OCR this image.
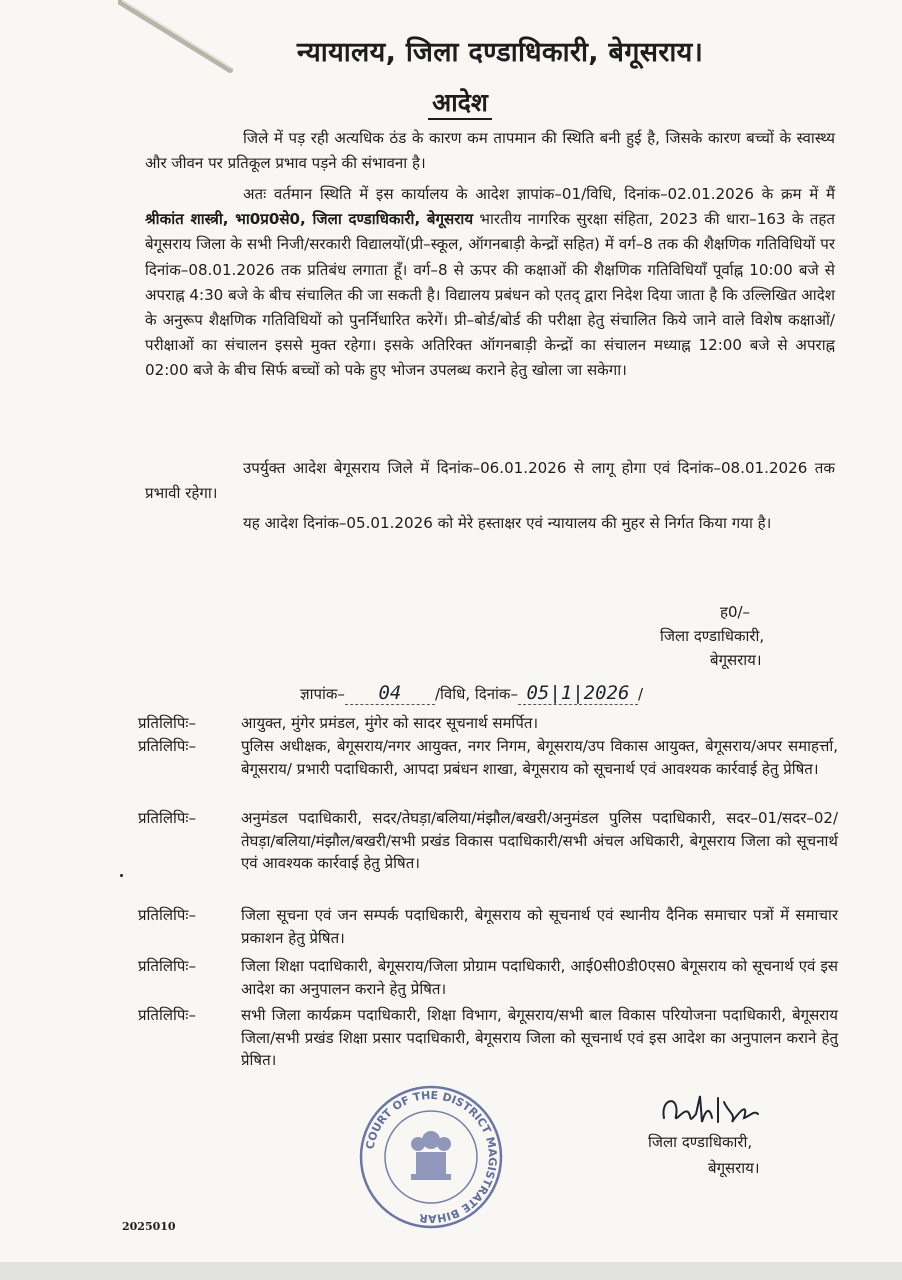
न्यायालय, जिला दण्डाधिकारी, बेगूसराय।
आदेश

जिले में पड़ रही अत्यधिक ठंड के कारण कम तापमान की स्थिति बनी हुई है, जिसके कारण बच्चों के स्वास्थ्य और जीवन पर प्रतिकूल प्रभाव पड़ने की संभावना है।

अतः वर्तमान स्थिति में इस कार्यालय के आदेश ज्ञापांक–01/विधि, दिनांक–02.01.2026 के क्रम में मैं श्रीकांत शास्त्री, भा0प्र0से0, जिला दण्डाधिकारी, बेगूसराय भारतीय नागरिक सुरक्षा संहिता, 2023 की धारा–163 के तहत बेगूसराय जिला के सभी निजी/सरकारी विद्यालयों(प्री–स्कूल, ऑगनबाड़ी केन्द्रों सहित) में वर्ग–8 तक की शैक्षणिक गतिविधियों पर दिनांक–08.01.2026 तक प्रतिबंध लगाता हूँ। वर्ग–8 से ऊपर की कक्षाओं की शैक्षणिक गतिविधियाँ पूर्वाह्न 10:00 बजे से अपराह्न 4:30 बजे के बीच संचालित की जा सकती है। विद्यालय प्रबंधन को एतद् द्वारा निदेश दिया जाता है कि उल्लिखित आदेश के अनुरूप शैक्षणिक गतिविधियों को पुनर्निधारित करेगें। प्री–बोर्ड/बोर्ड की परीक्षा हेतु संचालित किये जाने वाले विशेष कक्षाओं/परीक्षाओं का संचालन इससे मुक्त रहेगा। इसके अतिरिक्त ऑगनबाड़ी केन्द्रों का संचालन मध्याह्न 12:00 बजे से अपराह्न 02:00 बजे के बीच सिर्फ बच्चों को पके हुए भोजन उपलब्ध कराने हेतु खोला जा सकेगा।

उपर्युक्त आदेश बेगूसराय जिले में दिनांक–06.01.2026 से लागू होगा एवं दिनांक–08.01.2026 तक प्रभावी रहेगा।

यह आदेश दिनांक–05.01.2026 को मेरे हस्ताक्षर एवं न्यायालय की मुहर से निर्गत किया गया है।

ह0/–
जिला दण्डाधिकारी,
बेगूसराय।
ज्ञापांक– 04 /विधि, दिनांक– 05|1|2026 /
प्रतिलिपिः–	आयुक्त, मुंगेर प्रमंडल, मुंगेर को सादर सूचनार्थ समर्पित।
प्रतिलिपिः–	पुलिस अधीक्षक, बेगूसराय/नगर आयुक्त, नगर निगम, बेगूसराय/उप विकास आयुक्त, बेगूसराय/अपर समाहर्त्ता, बेगूसराय/ प्रभारी पदाधिकारी, आपदा प्रबंधन शाखा, बेगूसराय को सूचनार्थ एवं आवश्यक कार्रवाई हेतु प्रेषित।
प्रतिलिपिः–	अनुमंडल पदाधिकारी, सदर/तेघड़ा/बलिया/मंझौल/बखरी/अनुमंडल पुलिस पदाधिकारी, सदर–01/सदर–02/तेघड़ा/बलिया/मंझौल/बखरी/सभी प्रखंड विकास पदाधिकारी/सभी अंचल अधिकारी, बेगूसराय जिला को सूचनार्थ एवं आवश्यक कार्रवाई हेतु प्रेषित।
प्रतिलिपिः–	जिला सूचना एवं जन सम्पर्क पदाधिकारी, बेगूसराय को सूचनार्थ एवं स्थानीय दैनिक समाचार पत्रों में समाचार प्रकाशन हेतु प्रेषित।
प्रतिलिपिः–	जिला शिक्षा पदाधिकारी, बेगूसराय/जिला प्रोग्राम पदाधिकारी, आई0सी0डी0एस0 बेगूसराय को सूचनार्थ एवं इस आदेश का अनुपालन कराने हेतु प्रेषित।
प्रतिलिपिः–	सभी जिला कार्यक्रम पदाधिकारी, शिक्षा विभाग, बेगूसराय/सभी बाल विकास परियोजना पदाधिकारी, बेगूसराय जिला/सभी प्रखंड शिक्षा प्रसार पदाधिकारी, बेगूसराय जिला को सूचनार्थ एवं इस आदेश का अनुपालन कराने हेतु प्रेषित।
COURT OF THE DISTRICT MAGISTRATE BIHAR
जिला दण्डाधिकारी,
बेगूसराय।
2025010
